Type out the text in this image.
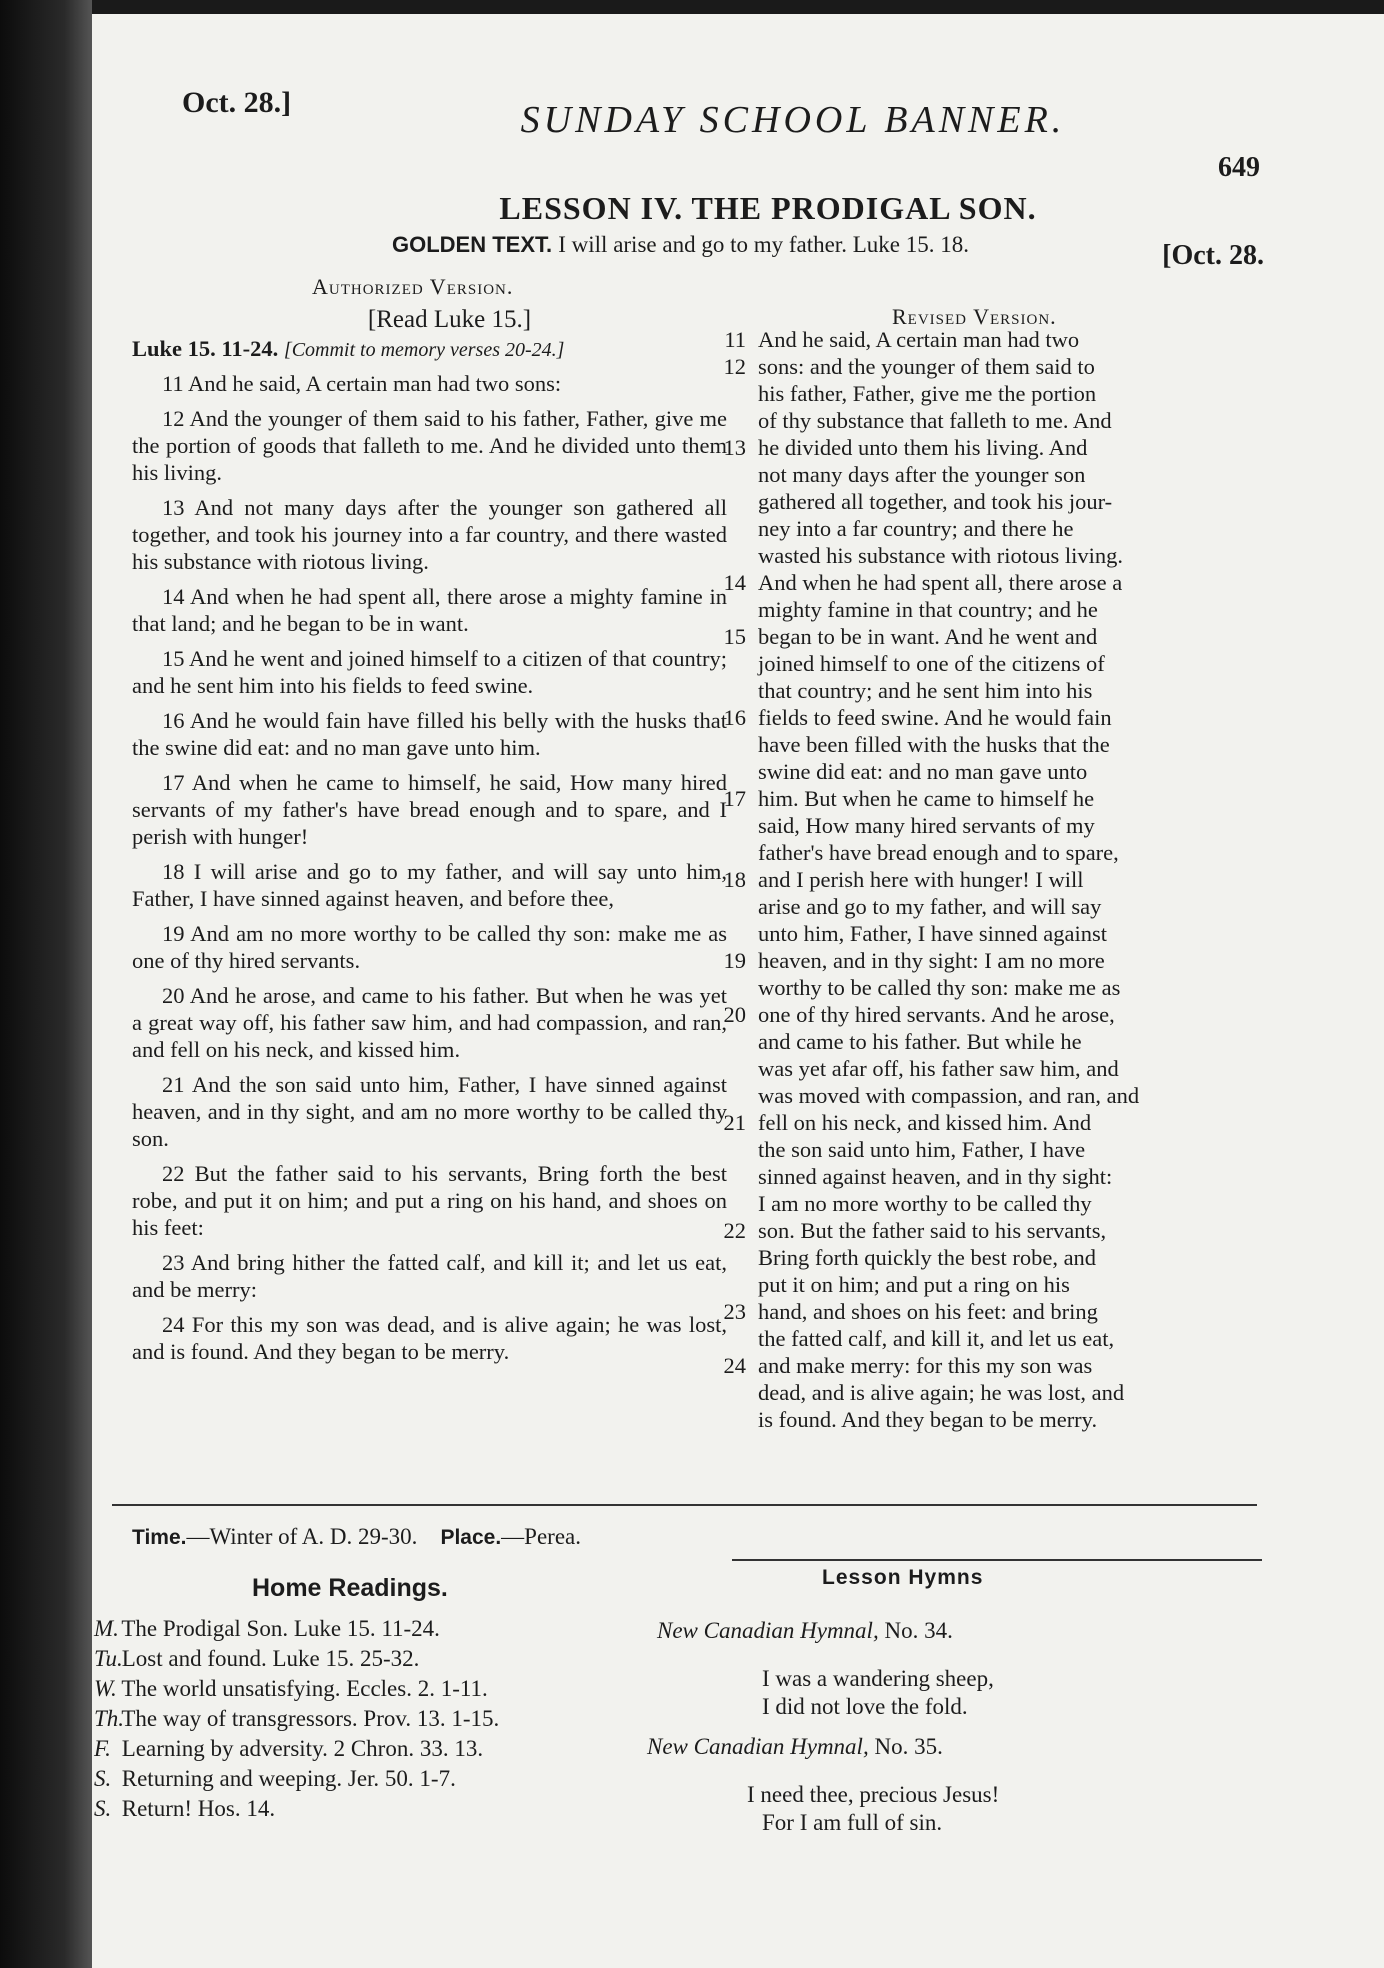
Oct. 28.]	SUNDAY SCHOOL BANNER.
649
LESSON IV. THE PRODIGAL SON.
GOLDEN TEXT. I will arise and go to my father. Luke 15. 18.	[Oct. 28.
Authorized Version.
Revised Version.
[Read Luke 15.]
Luke 15. 11-24. [Commit to memory verses 20-24.]
11 And he said, A certain man had two sons:
12 And the younger of them said to his father, Father, give me the portion of goods that falleth to me. And he divided unto them his living.
13 And not many days after the younger son gathered all together, and took his journey into a far country, and there wasted his substance with riotous living.
14 And when he had spent all, there arose a mighty famine in that land; and he began to be in want.
15 And he went and joined himself to a citizen of that country; and he sent him into his fields to feed swine.
16 And he would fain have filled his belly with the husks that the swine did eat: and no man gave unto him.
17 And when he came to himself, he said, How many hired servants of my father's have bread enough and to spare, and I perish with hunger!
18 I will arise and go to my father, and will say unto him, Father, I have sinned against heaven, and before thee,
19 And am no more worthy to be called thy son: make me as one of thy hired servants.
20 And he arose, and came to his father. But when he was yet a great way off, his father saw him, and had compassion, and ran, and fell on his neck, and kissed him.
21 And the son said unto him, Father, I have sinned against heaven, and in thy sight, and am no more worthy to be called thy son.
22 But the father said to his servants, Bring forth the best robe, and put it on him; and put a ring on his hand, and shoes on his feet:
23 And bring hither the fatted calf, and kill it; and let us eat, and be merry:
24 For this my son was dead, and is alive again; he was lost, and is found. And they began to be merry.
11 And he said, A certain man had two
12 sons: and the younger of them said to
his father, Father, give me the portion
of thy substance that falleth to me. And
13 he divided unto them his living. And
not many days after the younger son
gathered all together, and took his jour-
ney into a far country; and there he
wasted his substance with riotous living.
14 And when he had spent all, there arose a
mighty famine in that country; and he
15 began to be in want. And he went and
joined himself to one of the citizens of
that country; and he sent him into his
16 fields to feed swine. And he would fain
have been filled with the husks that the
swine did eat: and no man gave unto
17 him. But when he came to himself he
said, How many hired servants of my
father's have bread enough and to spare,
18 and I perish here with hunger! I will
arise and go to my father, and will say
unto him, Father, I have sinned against
19 heaven, and in thy sight: I am no more
worthy to be called thy son: make me as
20 one of thy hired servants. And he arose,
and came to his father. But while he
was yet afar off, his father saw him, and
was moved with compassion, and ran, and
21 fell on his neck, and kissed him. And
the son said unto him, Father, I have
sinned against heaven, and in thy sight:
I am no more worthy to be called thy
22 son. But the father said to his servants,
Bring forth quickly the best robe, and
put it on him; and put a ring on his
23 hand, and shoes on his feet: and bring
the fatted calf, and kill it, and let us eat,
24 and make merry: for this my son was
dead, and is alive again; he was lost, and
is found. And they began to be merry.
Time.—Winter of A. D. 29-30. Place.—Perea.
Home Readings.
M. The Prodigal Son. Luke 15. 11-24.
Tu. Lost and found. Luke 15. 25-32.
W. The world unsatisfying. Eccles. 2. 1-11.
Th. The way of transgressors. Prov. 13. 1-15.
F. Learning by adversity. 2 Chron. 33. 13.
S. Returning and weeping. Jer. 50. 1-7.
S. Return! Hos. 14.
Lesson Hymns
New Canadian Hymnal, No. 34.
I was a wandering sheep,
I did not love the fold.
New Canadian Hymnal, No. 35.
I need thee, precious Jesus!
For I am full of sin.
